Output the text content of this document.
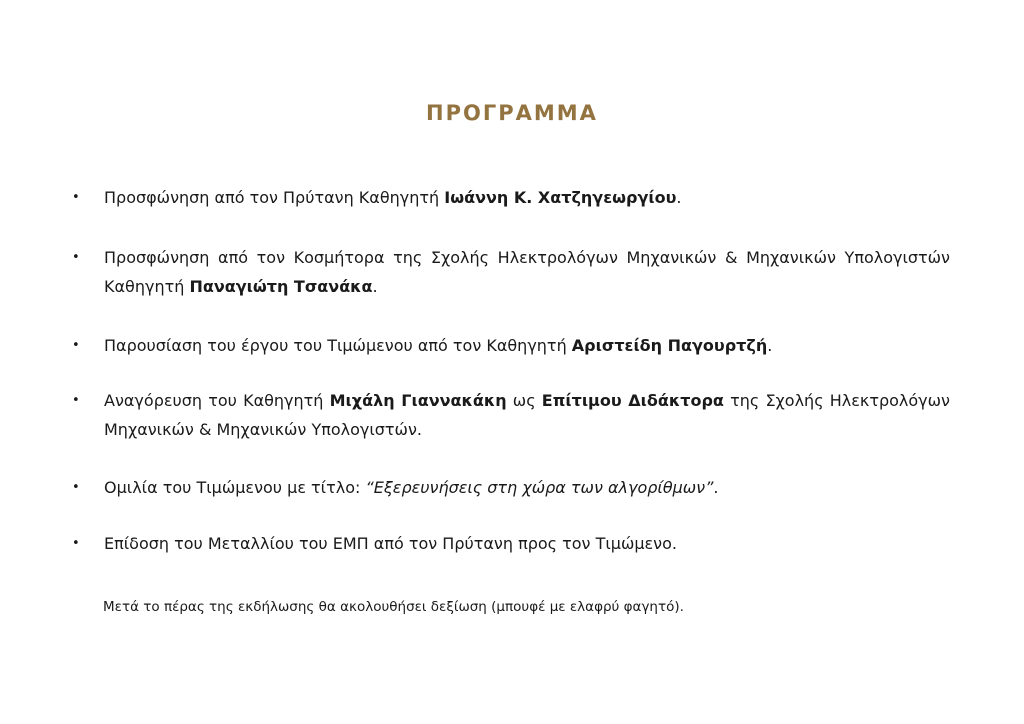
ΠΡΟΓΡΑΜΜΑ
• Προσφώνηση από τον Πρύτανη Καθηγητή Ιωάννη Κ. Χατζηγεωργίου.
• Προσφώνηση από τον Κοσμήτορα της Σχολής Ηλεκτρολόγων Μηχανικών & Μηχανικών Υπολογιστών Καθηγητή Παναγιώτη Τσανάκα.
• Παρουσίαση του έργου του Τιμώμενου από τον Καθηγητή Αριστείδη Παγουρτζή.
• Αναγόρευση του Καθηγητή Μιχάλη Γιαννακάκη ως Επίτιμου Διδάκτορα της Σχολής Ηλεκτρολόγων Μηχανικών & Μηχανικών Υπολογιστών.
• Ομιλία του Τιμώμενου με τίτλο: “Εξερευνήσεις στη χώρα των αλγορίθμων”.
• Επίδοση του Μεταλλίου του ΕΜΠ από τον Πρύτανη προς τον Τιμώμενο.
Μετά το πέρας της εκδήλωσης θα ακολουθήσει δεξίωση (μπουφέ με ελαφρύ φαγητό).
